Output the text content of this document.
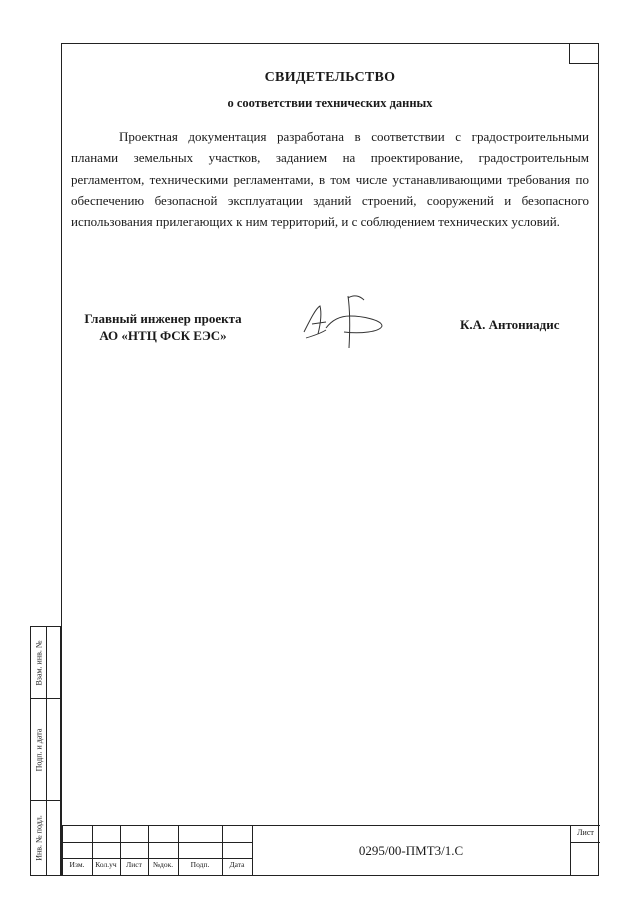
СВИДЕТЕЛЬСТВО
о соответствии технических данных

Проектная документация разработана в соответствии с градостроительными планами земельных участков, заданием на проектирование, градостроительным регламентом, техническими регламентами, в том числе устанавливающими требования по обеспечению безопасной эксплуатации зданий строений, сооружений и безопасного использования прилегающих к ним территорий, и с соблюдением технических условий.

Главный инженер проекта
АО «НТЦ ФСК ЕЭС»
К.А. Антониадис
Изм.	Кол.уч	Лист	№док.	Подп.	Дата
0295/00-ПМТ3/1.С
Лист
Взам. инв. №
Подп. и дата
Инв. № подл.
